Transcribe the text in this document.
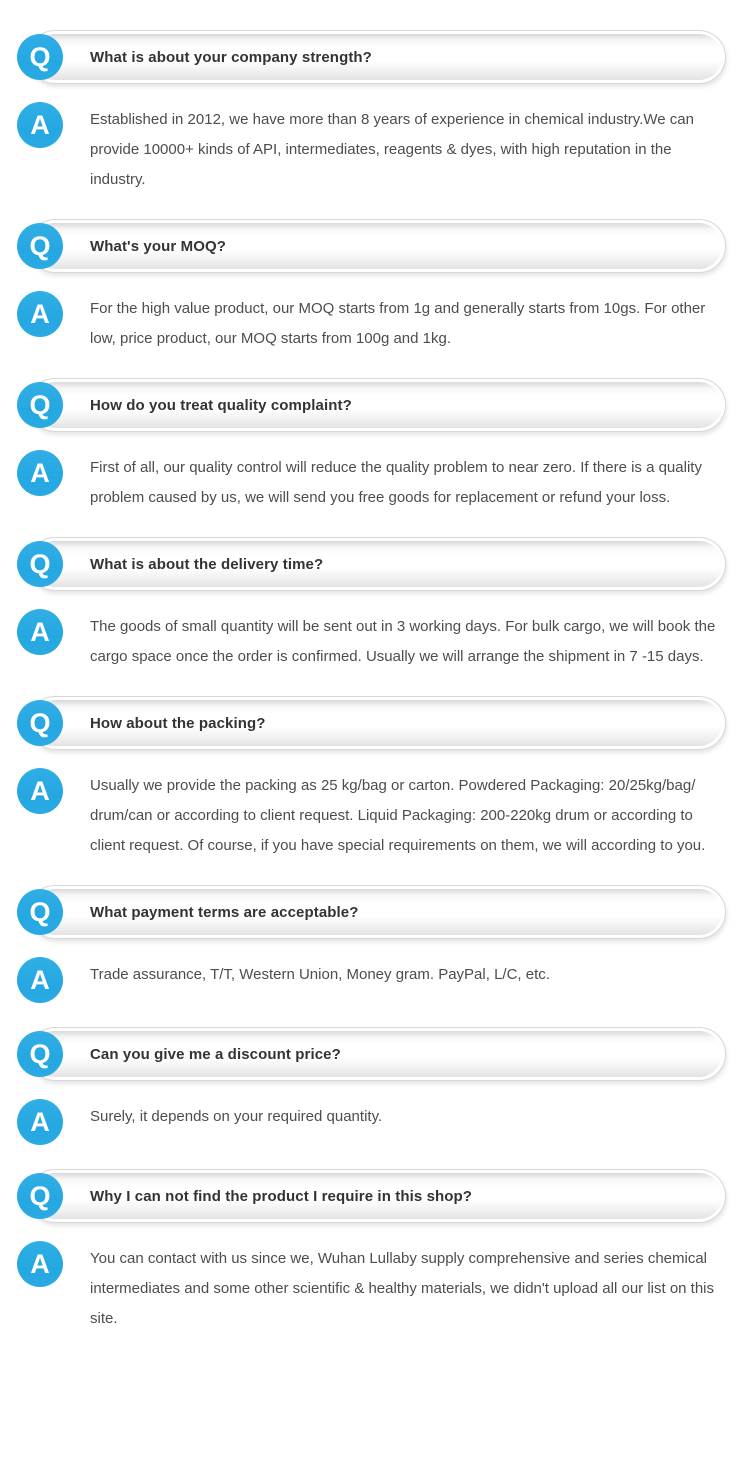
Q	What is about your company strength?
A	Established in 2012, we have more than 8 years of experience in chemical industry.We can provide 10000+ kinds of API, intermediates, reagents & dyes, with high reputation in the industry.

Q	What's your MOQ?
A	For the high value product, our MOQ starts from 1g and generally starts from 10gs. For other low, price product, our MOQ starts from 100g and 1kg.

Q	How do you treat quality complaint?
A	First of all, our quality control will reduce the quality problem to near zero. If there is a quality problem caused by us, we will send you free goods for replacement or refund your loss.

Q	What is about the delivery time?
A	The goods of small quantity will be sent out in 3 working days. For bulk cargo, we will book the cargo space once the order is confirmed. Usually we will arrange the shipment in 7 -15 days.

Q	How about the packing?
A	Usually we provide the packing as 25 kg/bag or carton. Powdered Packaging: 20/25kg/bag/ drum/can or according to client request. Liquid Packaging: 200-220kg drum or according to client request. Of course, if you have special requirements on them, we will according to you.

Q	What payment terms are acceptable?
A	Trade assurance, T/T, Western Union, Money gram. PayPal, L/C, etc.

Q	Can you give me a discount price?
A	Surely, it depends on your required quantity.

Q	Why I can not find the product I require in this shop?
A	You can contact with us since we, Wuhan Lullaby supply comprehensive and series chemical intermediates and some other scientific & healthy materials, we didn't upload all our list on this site.
